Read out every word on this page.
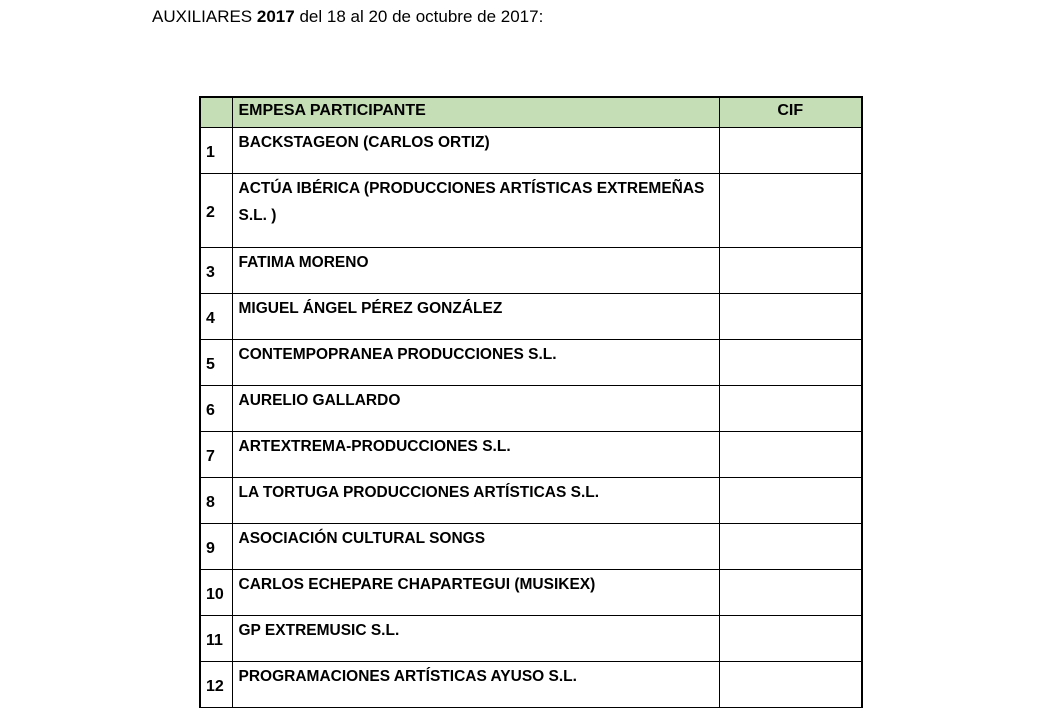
AUXILIARES 2017 del 18 al 20 de octubre de 2017:
	EMPESA PARTICIPANTE	CIF
1	BACKSTAGEON (CARLOS ORTIZ)	
2	ACTÚA IBÉRICA (PRODUCCIONES ARTÍSTICAS EXTREMEÑAS S.L. )	
3	FATIMA MORENO	
4	MIGUEL ÁNGEL PÉREZ GONZÁLEZ	
5	CONTEMPOPRANEA PRODUCCIONES S.L.	
6	AURELIO GALLARDO	
7	ARTEXTREMA-PRODUCCIONES S.L.	
8	LA TORTUGA PRODUCCIONES ARTÍSTICAS S.L.	
9	ASOCIACIÓN CULTURAL SONGS	
10	CARLOS ECHEPARE CHAPARTEGUI (MUSIKEX)	
11	GP EXTREMUSIC S.L.	
12	PROGRAMACIONES ARTÍSTICAS AYUSO S.L.	
